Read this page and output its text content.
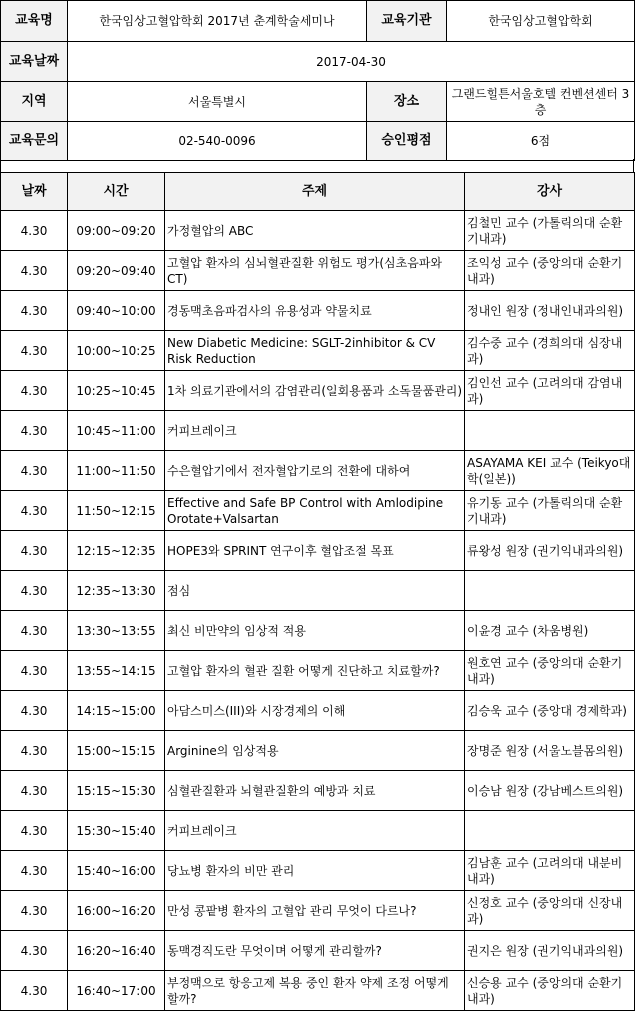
교육명	한국임상고혈압학회 2017년 춘계학술세미나	교육기관	한국임상고혈압학회
교육날짜	2017-04-30		
지역	서울특별시	장소	그랜드힐튼서울호텔 컨벤션센터 3층
교육문의	02-540-0096	승인평점	6점
날짜	시간	주제	강사
4.30	09:00~09:20	가정혈압의 ABC	김철민 교수 (가톨릭의대 순환기내과)
4.30	09:20~09:40	고혈압 환자의 심뇌혈관질환 위험도 평가(심초음파와 CT)	조익성 교수 (중앙의대 순환기내과)
4.30	09:40~10:00	경동맥초음파검사의 유용성과 약물치료	정내인 원장 (정내인내과의원)
4.30	10:00~10:25	New Diabetic Medicine: SGLT-2inhibitor & CV Risk Reduction	김수중 교수 (경희의대 심장내과)
4.30	10:25~10:45	1차 의료기관에서의 감염관리(일회용품과 소독물품관리)	김인선 교수 (고려의대 감염내과)
4.30	10:45~11:00	커피브레이크	
4.30	11:00~11:50	수은혈압기에서 전자혈압기로의 전환에 대하여	ASAYAMA KEI 교수 (Teikyo대학(일본))
4.30	11:50~12:15	Effective and Safe BP Control with Amlodipine Orotate+Valsartan	유기동 교수 (가톨릭의대 순환기내과)
4.30	12:15~12:35	HOPE3와 SPRINT 연구이후 혈압조절 목표	류왕성 원장 (권기익내과의원)
4.30	12:35~13:30	점심	
4.30	13:30~13:55	최신 비만약의 임상적 적용	이윤경 교수 (차움병원)
4.30	13:55~14:15	고혈압 환자의 혈관 질환 어떻게 진단하고 치료할까?	원호연 교수 (중앙의대 순환기내과)
4.30	14:15~15:00	아담스미스(III)와 시장경제의 이해	김승욱 교수 (중앙대 경제학과)
4.30	15:00~15:15	Arginine의 임상적용	장명준 원장 (서울노블몸의원)
4.30	15:15~15:30	심혈관질환과 뇌혈관질환의 예방과 치료	이승남 원장 (강남베스트의원)
4.30	15:30~15:40	커피브레이크	
4.30	15:40~16:00	당뇨병 환자의 비만 관리	김남훈 교수 (고려의대 내분비내과)
4.30	16:00~16:20	만성 콩팥병 환자의 고혈압 관리 무엇이 다르나?	신정호 교수 (중앙의대 신장내과)
4.30	16:20~16:40	동맥경직도란 무엇이며 어떻게 관리할까?	권지은 원장 (권기익내과의원)
4.30	16:40~17:00	부정맥으로 항응고제 복용 중인 환자 약제 조정 어떻게 할까?	신승용 교수 (중앙의대 순환기내과)
